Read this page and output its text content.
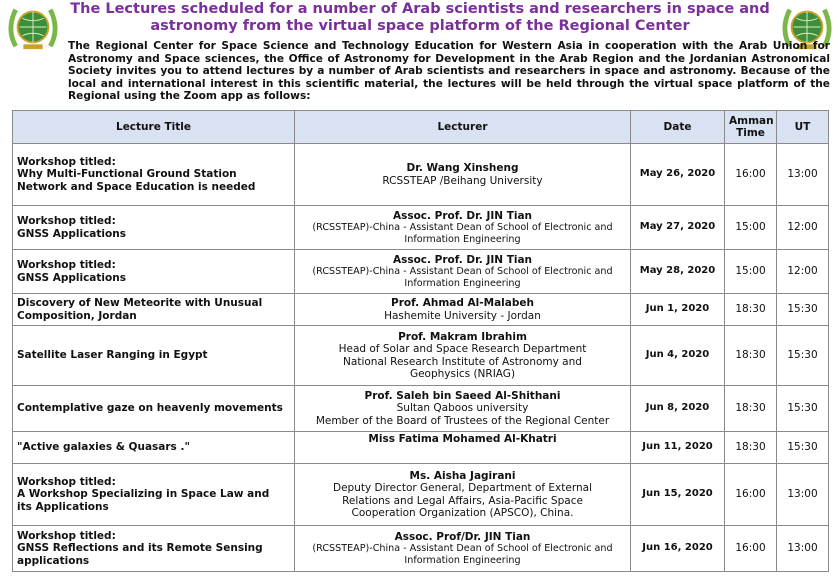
The Lectures scheduled for a number of Arab scientists and researchers in space and
astronomy from the virtual space platform of the Regional Center
The Regional Center for Space Science and Technology Education for Western Asia in cooperation with the Arab Union for Astronomy and Space sciences, the Office of Astronomy for Development in the Arab Region and the Jordanian Astronomical Society invites you to attend lectures by a number of Arab scientists and researchers in space and astronomy. Because of the local and international interest in this scientific material, the lectures will be held through the virtual space platform of the Regional using the Zoom app as follows:
Lecture Title	Lecturer	Date	Amman Time	UT

Workshop titled:
Why Multi-Functional Ground Station
Network and Space Education is needed	Dr. Wang Xinsheng
RCSSTEAP /Beihang University	May 26, 2020	16:00	13:00

Workshop titled:
GNSS Applications	Assoc. Prof. Dr. JIN Tian
(RCSSTEAP)-China - Assistant Dean of School of Electronic and
Information Engineering	May 27, 2020	15:00	12:00

Workshop titled:
GNSS Applications	Assoc. Prof. Dr. JIN Tian
(RCSSTEAP)-China - Assistant Dean of School of Electronic and
Information Engineering	May 28, 2020	15:00	12:00

Discovery of New Meteorite with Unusual
Composition, Jordan	Prof. Ahmad Al-Malabeh
Hashemite University - Jordan	Jun 1, 2020	18:30	15:30

Satellite Laser Ranging in Egypt	Prof. Makram Ibrahim
Head of Solar and Space Research Department
National Research Institute of Astronomy and
Geophysics (NRIAG)	Jun 4, 2020	18:30	15:30

Contemplative gaze on heavenly movements	Prof. Saleh bin Saeed Al-Shithani
Sultan Qaboos university
Member of the Board of Trustees of the Regional Center	Jun 8, 2020	18:30	15:30

"Active galaxies & Quasars ."	Miss Fatima Mohamed Al-Khatri	Jun 11, 2020	18:30	15:30

Workshop titled:
A Workshop Specializing in Space Law and
its Applications	Ms. Aisha Jagirani
Deputy Director General, Department of External
Relations and Legal Affairs, Asia-Pacific Space
Cooperation Organization (APSCO), China.	Jun 15, 2020	16:00	13:00

Workshop titled:
GNSS Reflections and its Remote Sensing
applications	Assoc. Prof/Dr. JIN Tian
(RCSSTEAP)-China - Assistant Dean of School of Electronic and
Information Engineering	Jun 16, 2020	16:00	13:00
